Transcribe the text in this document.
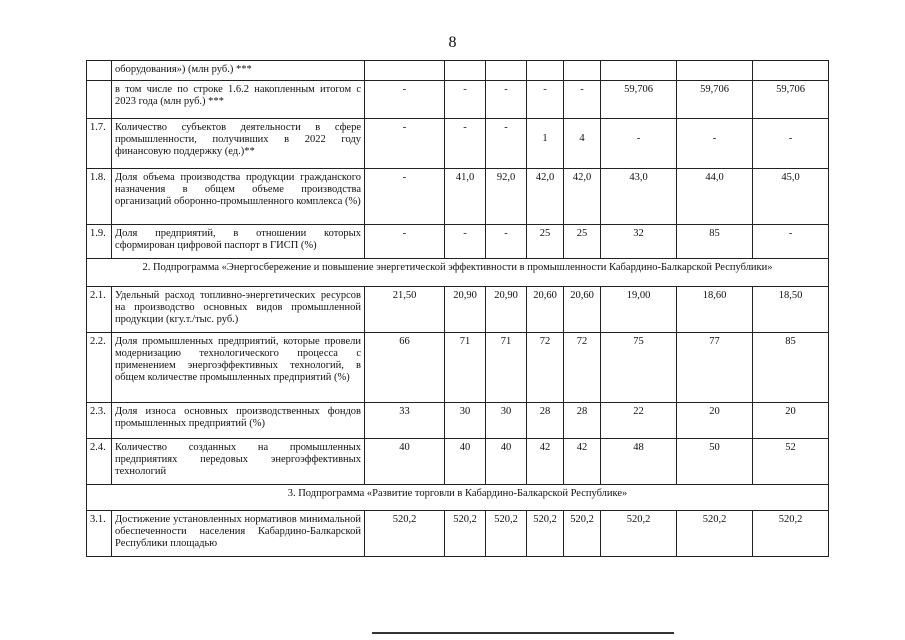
8
	оборудования») (млн руб.) ***								
	в том числе по строке 1.6.2 накопленным итогом с 2023 года (млн руб.) ***	-	-	-	-	-	59,706	59,706	59,706
1.7.	Количество субъектов деятельности в сфере промышленности, получивших в 2022 году финансовую поддержку (ед.)**	-	-	-	1	4	-	-	-
1.8.	Доля объема производства продукции гражданского назначения в общем объеме производства организаций оборонно-промышленного комплекса (%)	-	41,0	92,0	42,0	42,0	43,0	44,0	45,0
1.9.	Доля предприятий, в отношении которых сформирован цифровой паспорт в ГИСП (%)	-	-	-	25	25	32	85	-
2. Подпрограмма «Энергосбережение и повышение энергетической эффективности в промышленности Кабардино-Балкарской Республики»									
2.1.	Удельный расход топливно-энергетических ресурсов на производство основных видов промышленной продукции (кгу.т./тыс. руб.)	21,50	20,90	20,90	20,60	20,60	19,00	18,60	18,50
2.2.	Доля промышленных предприятий, которые провели модернизацию технологического процесса с применением энергоэффективных технологий, в общем количестве промышленных предприятий (%)	66	71	71	72	72	75	77	85
2.3.	Доля износа основных производственных фондов промышленных предприятий (%)	33	30	30	28	28	22	20	20
2.4.	Количество созданных на промышленных предприятиях передовых энергоэффективных технологий	40	40	40	42	42	48	50	52
3. Подпрограмма «Развитие торговли в Кабардино-Балкарской Республике»									
3.1.	Достижение установленных нормативов минимальной обеспеченности населения Кабардино-Балкарской Республики площадью	520,2	520,2	520,2	520,2	520,2	520,2	520,2	520,2
